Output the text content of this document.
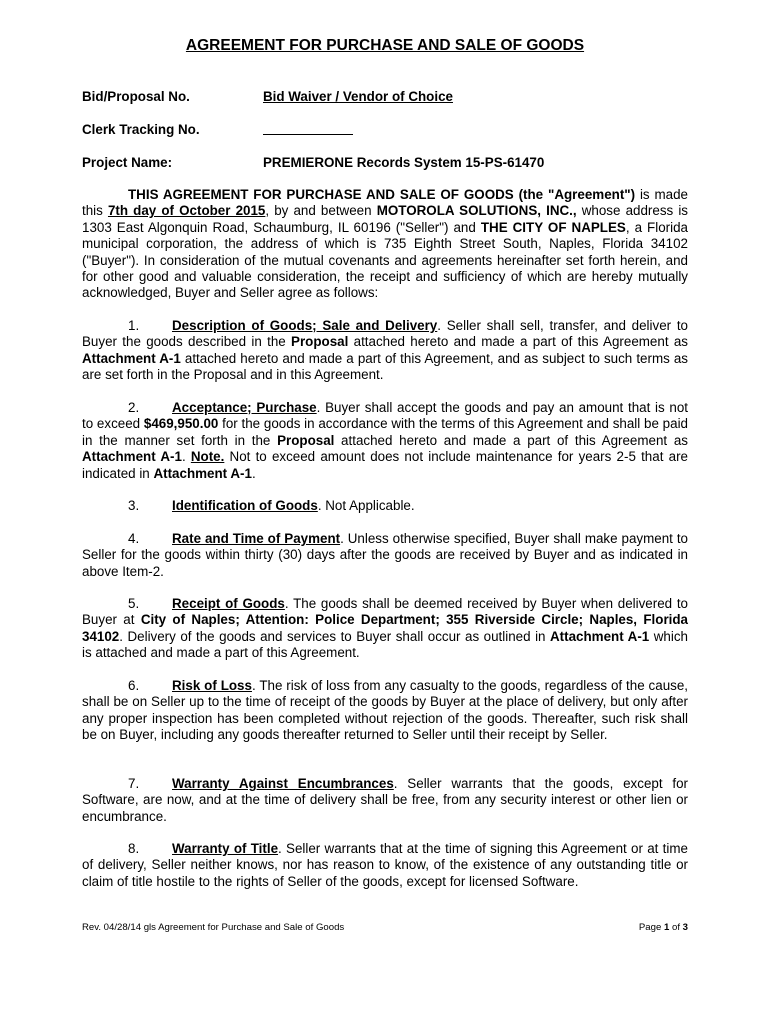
AGREEMENT FOR PURCHASE AND SALE OF GOODS
Bid/Proposal No.	Bid Waiver / Vendor of Choice
Clerk Tracking No.
Project Name:	PREMIERONE Records System 15-PS-61470
THIS AGREEMENT FOR PURCHASE AND SALE OF GOODS (the "Agreement") is made this 7th day of October 2015, by and between MOTOROLA SOLUTIONS, INC., whose address is 1303 East Algonquin Road, Schaumburg, IL 60196 ("Seller") and THE CITY OF NAPLES, a Florida municipal corporation, the address of which is 735 Eighth Street South, Naples, Florida 34102 ("Buyer"). In consideration of the mutual covenants and agreements hereinafter set forth herein, and for other good and valuable consideration, the receipt and sufficiency of which are hereby mutually acknowledged, Buyer and Seller agree as follows:
1. Description of Goods; Sale and Delivery. Seller shall sell, transfer, and deliver to Buyer the goods described in the Proposal attached hereto and made a part of this Agreement as Attachment A-1 attached hereto and made a part of this Agreement, and as subject to such terms as are set forth in the Proposal and in this Agreement.
2. Acceptance; Purchase. Buyer shall accept the goods and pay an amount that is not to exceed $469,950.00 for the goods in accordance with the terms of this Agreement and shall be paid in the manner set forth in the Proposal attached hereto and made a part of this Agreement as Attachment A-1. Note. Not to exceed amount does not include maintenance for years 2-5 that are indicated in Attachment A-1.
3. Identification of Goods. Not Applicable.
4. Rate and Time of Payment. Unless otherwise specified, Buyer shall make payment to Seller for the goods within thirty (30) days after the goods are received by Buyer and as indicated in above Item-2.
5. Receipt of Goods. The goods shall be deemed received by Buyer when delivered to Buyer at City of Naples; Attention: Police Department; 355 Riverside Circle; Naples, Florida 34102. Delivery of the goods and services to Buyer shall occur as outlined in Attachment A-1 which is attached and made a part of this Agreement.
6. Risk of Loss. The risk of loss from any casualty to the goods, regardless of the cause, shall be on Seller up to the time of receipt of the goods by Buyer at the place of delivery, but only after any proper inspection has been completed without rejection of the goods. Thereafter, such risk shall be on Buyer, including any goods thereafter returned to Seller until their receipt by Seller.
7. Warranty Against Encumbrances. Seller warrants that the goods, except for Software, are now, and at the time of delivery shall be free, from any security interest or other lien or encumbrance.
8. Warranty of Title. Seller warrants that at the time of signing this Agreement or at time of delivery, Seller neither knows, nor has reason to know, of the existence of any outstanding title or claim of title hostile to the rights of Seller of the goods, except for licensed Software.
Rev. 04/28/14 gls Agreement for Purchase and Sale of Goods	Page 1 of 3
